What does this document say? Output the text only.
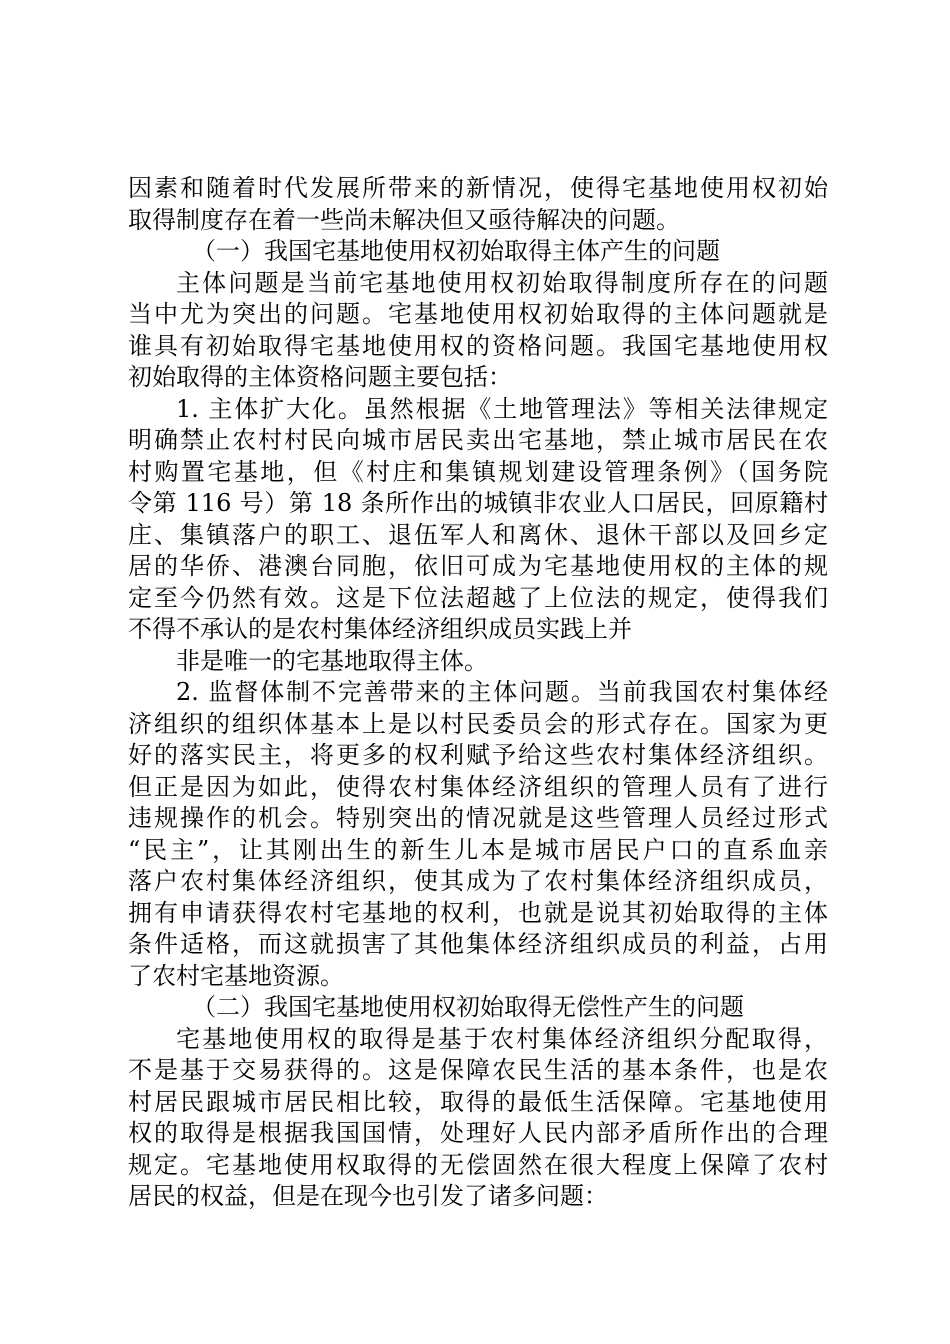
因素和随着时代发展所带来的新情况，使得宅基地使用权初始
取得制度存在着一些尚未解决但又亟待解决的问题。
（一）我国宅基地使用权初始取得主体产生的问题
主体问题是当前宅基地使用权初始取得制度所存在的问题
当中尤为突出的问题。宅基地使用权初始取得的主体问题就是
谁具有初始取得宅基地使用权的资格问题。我国宅基地使用权
初始取得的主体资格问题主要包括：
1. 主体扩大化。虽然根据《土地管理法》等相关法律规定
明确禁止农村村民向城市居民卖出宅基地，禁止城市居民在农
村购置宅基地，但《村庄和集镇规划建设管理条例》（国务院
令第 116 号）第 18 条所作出的城镇非农业人口居民，回原籍村
庄、集镇落户的职工、退伍军人和离休、退休干部以及回乡定
居的华侨、港澳台同胞，依旧可成为宅基地使用权的主体的规
定至今仍然有效。这是下位法超越了上位法的规定，使得我们
不得不承认的是农村集体经济组织成员实践上并
非是唯一的宅基地取得主体。
2. 监督体制不完善带来的主体问题。当前我国农村集体经
济组织的组织体基本上是以村民委员会的形式存在。国家为更
好的落实民主，将更多的权利赋予给这些农村集体经济组织。
但正是因为如此，使得农村集体经济组织的管理人员有了进行
违规操作的机会。特别突出的情况就是这些管理人员经过形式
“民主”，让其刚出生的新生儿本是城市居民户口的直系血亲
落户农村集体经济组织，使其成为了农村集体经济组织成员，
拥有申请获得农村宅基地的权利，也就是说其初始取得的主体
条件适格，而这就损害了其他集体经济组织成员的利益，占用
了农村宅基地资源。
（二）我国宅基地使用权初始取得无偿性产生的问题
宅基地使用权的取得是基于农村集体经济组织分配取得，
不是基于交易获得的。这是保障农民生活的基本条件，也是农
村居民跟城市居民相比较，取得的最低生活保障。宅基地使用
权的取得是根据我国国情，处理好人民内部矛盾所作出的合理
规定。宅基地使用权取得的无偿固然在很大程度上保障了农村
居民的权益，但是在现今也引发了诸多问题：
